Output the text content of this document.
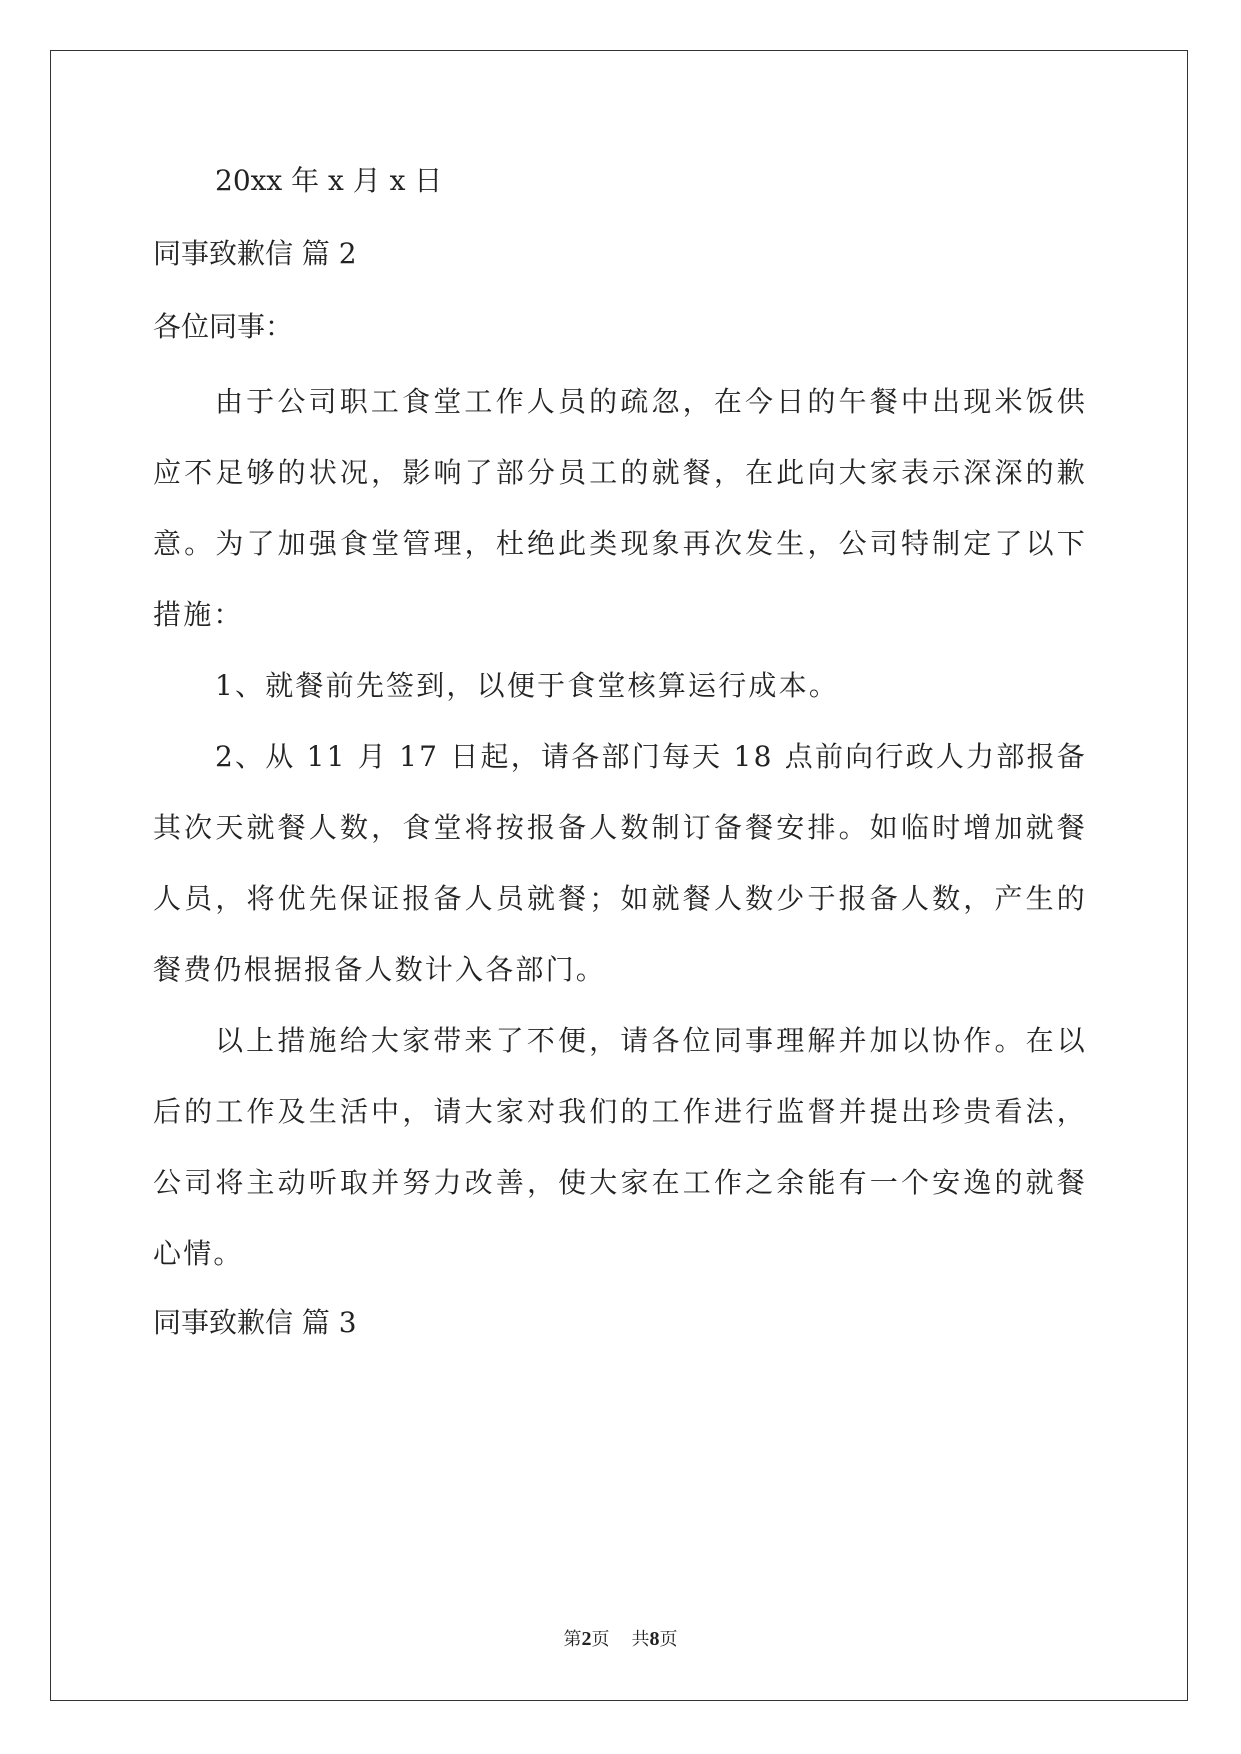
20xx 年 x 月 x 日
同事致歉信 篇 2
各位同事：
由于公司职工食堂工作人员的疏忽，在今日的午餐中出现米饭供应不足够的状况，影响了部分员工的就餐，在此向大家表示深深的歉意。为了加强食堂管理，杜绝此类现象再次发生，公司特制定了以下措施：
1、就餐前先签到，以便于食堂核算运行成本。
2、从 11 月 17 日起，请各部门每天 18 点前向行政人力部报备其次天就餐人数，食堂将按报备人数制订备餐安排。如临时增加就餐人员，将优先保证报备人员就餐；如就餐人数少于报备人数，产生的餐费仍根据报备人数计入各部门。
以上措施给大家带来了不便，请各位同事理解并加以协作。在以后的工作及生活中，请大家对我们的工作进行监督并提出珍贵看法，公司将主动听取并努力改善，使大家在工作之余能有一个安逸的就餐心情。
同事致歉信 篇 3
第2页 共8页
